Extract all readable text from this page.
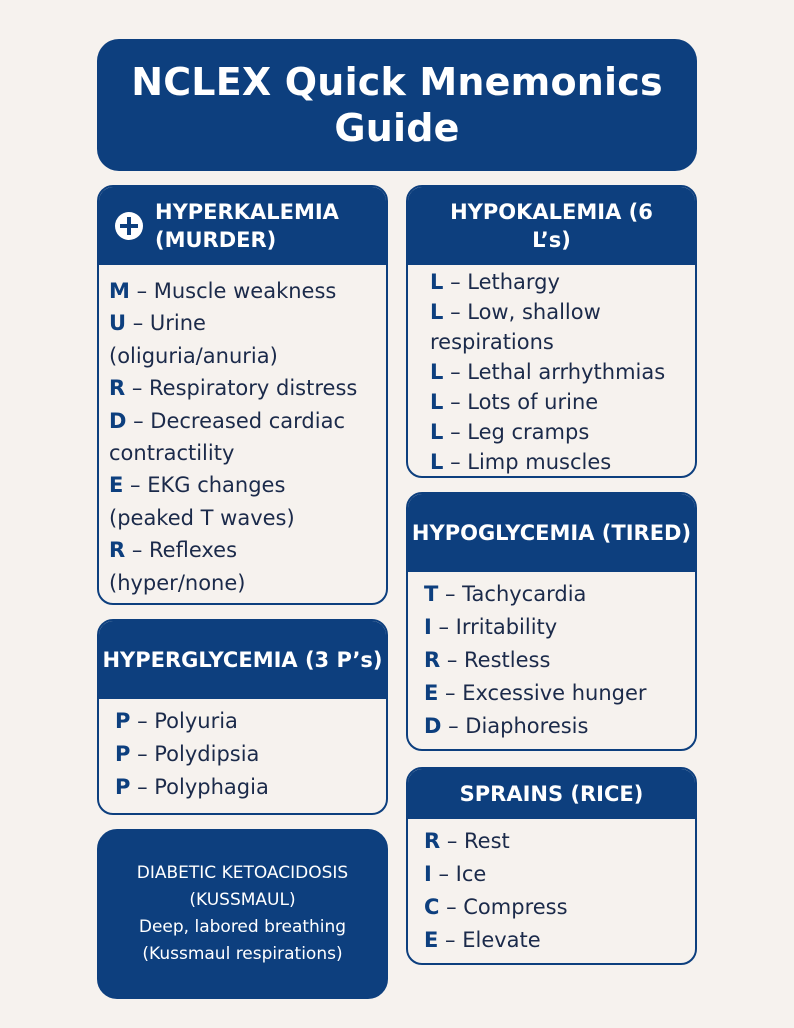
NCLEX Quick Mnemonics Guide
HYPERKALEMIA (MURDER)
M – Muscle weakness
U – Urine (oliguria/anuria)
R – Respiratory distress
D – Decreased cardiac contractility
E – EKG changes (peaked T waves)
R – Reflexes (hyper/none)
HYPOKALEMIA (6 L’s)
L – Lethargy
L – Low, shallow respirations
L – Lethal arrhythmias
L – Lots of urine
L – Leg cramps
L – Limp muscles
HYPOGLYCEMIA (TIRED)
T – Tachycardia
I – Irritability
R – Restless
E – Excessive hunger
D – Diaphoresis
HYPERGLYCEMIA (3 P’s)
P – Polyuria
P – Polydipsia
P – Polyphagia	SPRAINS (RICE)
R – Rest
I – Ice
C – Compress
E – Elevate
DIABETIC KETOACIDOSIS
(KUSSMAUL)
Deep, labored breathing
(Kussmaul respirations)
